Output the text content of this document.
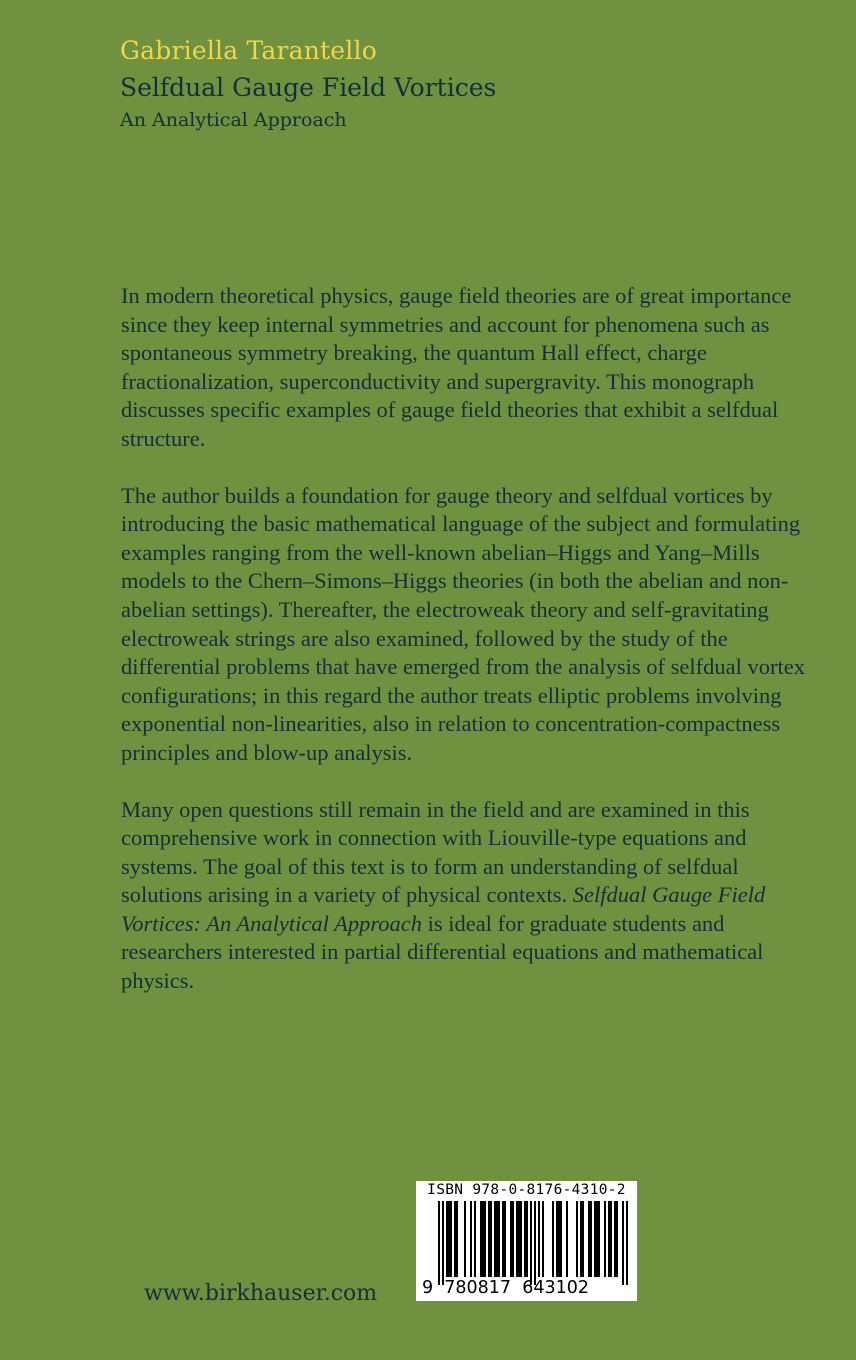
Gabriella Tarantello
Selfdual Gauge Field Vortices
An Analytical Approach

In modern theoretical physics, gauge field theories are of great importance since they keep internal symmetries and account for phenomena such as spontaneous symmetry breaking, the quantum Hall effect, charge fractionalization, superconductivity and supergravity. This monograph discusses specific examples of gauge field theories that exhibit a selfdual structure.

The author builds a foundation for gauge theory and selfdual vortices by introducing the basic mathematical language of the subject and formulating examples ranging from the well-known abelian–Higgs and Yang–Mills models to the Chern–Simons–Higgs theories (in both the abelian and non-abelian settings). Thereafter, the electroweak theory and self-gravitating electroweak strings are also examined, followed by the study of the differential problems that have emerged from the analysis of selfdual vortex configurations; in this regard the author treats elliptic problems involving exponential non-linearities, also in relation to concentration-compactness principles and blow-up analysis.

Many open questions still remain in the field and are examined in this comprehensive work in connection with Liouville-type equations and systems. The goal of this text is to form an understanding of selfdual solutions arising in a variety of physical contexts. Selfdual Gauge Field Vortices: An Analytical Approach is ideal for graduate students and researchers interested in partial differential equations and mathematical physics.

www.birkhauser.com
ISBN 978-0-8176-4310-2
9  780817  643102
